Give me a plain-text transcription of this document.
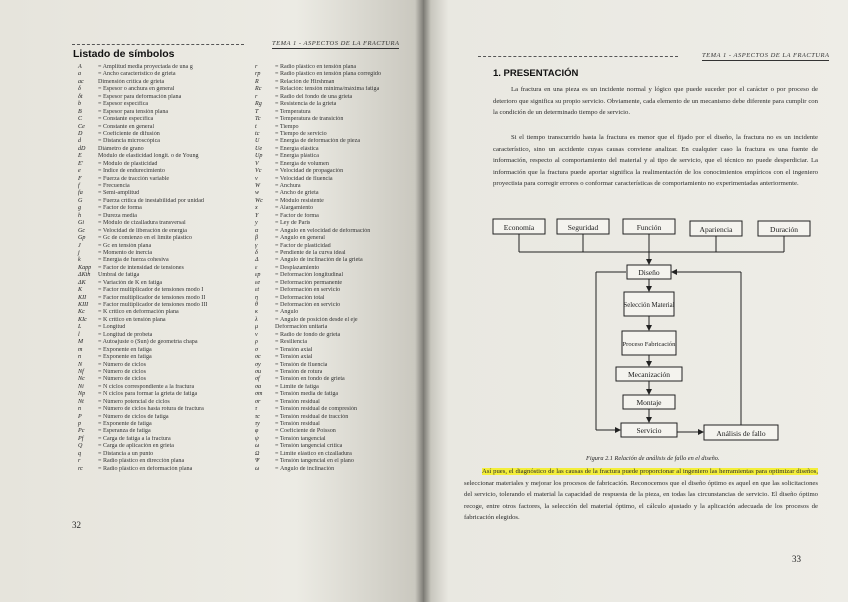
TEMA 1 - ASPECTOS DE LA FRACTURA
Listado de símbolos
A	= Amplitud media proyectada de una g
a	= Ancho característico de grieta
ac	Dimensión crítica de grieta
δ	= Espesor o anchura en general
δt	= Espesor para deformación plana
b	= Espesor específica
B	= Espesor para tensión plana
C	= Constante específica
Ce	= Constante en general
D	= Coeficiente de difusión
d	= Distancia microscópica
dD	Diámetro de grano
E	Módulo de elasticidad longit. o de Young
E'	= Módulo de plasticidad
e	= Índice de endurecimiento
F	= Fuerza de tracción variable
f	= Frecuencia
fa	= Semi-amplitud
G	= Fuerza crítica de inestabilidad por unidad
g	= Factor de forma
h	= Dureza media
Gi	= Módulo de cizalladura transversal
Gc	= Velocidad de liberación de energía
Gp	= Gc de comienzo en el límite plástico
J	= Gc en tensión plana
j	= Momento de inercia
k	= Energía de fuerza cohesiva
Kapp	= Factor de intensidad de tensiones
ΔKth	Umbral de fatiga
ΔK	= Variación de K en fatiga
K	= Factor multiplicador de tensiones modo I
KII	= Factor multiplicador de tensiones modo II
KIII	= Factor multiplicador de tensiones modo III
Kc	= K crítico en deformación plana
KIc	= K crítico en tensión plana
L	= Longitud
l	= Longitud de probeta
M	= Autoajuste o (Sun) de geometría chapa
m	= Exponente en fatiga
n	= Exponente en fatiga
N	= Número de ciclos
Nf	= Número de ciclos
Nc	= Número de ciclos
Ni	= N ciclos correspondiente a la fractura
Np	= N ciclos para formar la grieta de fatiga
Nt	= Número potencial de ciclos
n	= Número de ciclos hasta rotura de fractura
P	= Número de ciclos de fatiga
p	= Exponente de fatiga
Pc	= Esperanza de fatiga
Pf	= Carga de fatiga a la fractura
Q	= Carga de aplicación en grieta
q	= Distancia a un punto
r	= Radio plástico en dirección plana
rc	= Radio plástico en deformación plana
r	= Radio plástico en tensión plana
rp	= Radio plástico en tensión plana corregido
R	= Relación de Hirshman
Rc	= Relación: tensión mínima/máxima fatiga
r	= Radio del fondo de una grieta
Rg	= Resistencia de la grieta
T	= Temperatura
Tc	= Temperatura de transición
t	= Tiempo
tc	= Tiempo de servicio
U	= Energía de deformación de pieza
Ue	= Energía elástica
Up	= Energía plástica
V	= Energía de volumen
Vc	= Velocidad de propagación
v	= Velocidad de fluencia
W	= Anchura
w	= Ancho de grieta
Wc	= Módulo resistente
x	= Alargamiento
Y	= Factor de forma
y	= Ley de Paris
α	= Ángulo en velocidad de deformación
β	= Ángulo en general
γ	= Factor de plasticidad
δ	= Pendiente de la curva ideal
Δ	= Ángulo de inclinación de la grieta
ε	= Desplazamiento
εp	= Deformación longitudinal
εe	= Deformación permanente
εt	= Deformación en servicio
η	= Deformación total
θ	= Deformación en servicio
κ	= Ángulo
λ	= Ángulo de posición desde el eje
μ	Deformación unitaria
ν	= Radio de fondo de grieta
ρ	= Resiliencia
σ	= Tensión axial
σc	= Tensión axial
σy	= Tensión de fluencia
σu	= Tensión de rotura
σf	= Tensión en fondo de grieta
σa	= Límite de fatiga
σm	= Tensión media de fatiga
σr	= Tensión residual
τ	= Tensión residual de compresión
τc	= Tensión residual de tracción
τy	= Tensión residual
φ	= Coeficiente de Poisson
ψ	= Tensión tangencial
ω	= Tensión tangencial crítica
Ω	= Límite elástico en cizalladura
Ψ	= Tensión tangencial en el plano
ω	= Ángulo de inclinación
32
TEMA 1 - ASPECTOS DE LA FRACTURA
1. PRESENTACIÓN
La fractura en una pieza es un incidente normal y lógico que puede suceder por el carácter o por proceso de deterioro que significa su propio servicio. Obviamente, cada elemento de un mecanismo debe diferente para cumplir con la condición de un determinado tiempo de servicio.
Si el tiempo transcurrido hasta la fractura es menor que el fijado por el diseño, la fractura no es un incidente característico, sino un accidente cuyas causas conviene analizar. En cualquier caso la fractura es una fuente de información, respecto al comportamiento del material y al tipo de servicio, que el técnico no puede desperdiciar. La información que la fractura puede aportar significa la realimentación de los conocimientos empíricos con el ingeniero proyectista para corregir errores o conformar características de comportamiento no experimentadas anteriormente.
Economía	Seguridad	Función	Apariencia	Duración
Diseño
Selección Material
Proceso Fabricación
Mecanización
Montaje
Servicio	Análisis de fallo
Figura 2.1 Relación de análisis de fallo en el diseño.
Así pues, el diagnóstico de las causas de la fractura puede proporcionar al ingeniero las herramientas para optimizar diseños, seleccionar materiales y mejorar los procesos de fabricación. Reconocemos que el diseño óptimo es aquel en que las solicitaciones del servicio, tolerando el material la capacidad de respuesta de la pieza, en todas las circunstancias de servicio. El diseño óptimo recoge, entre otros factores, la selección del material óptimo, el cálculo ajustado y la aplicación adecuada de los procesos de fabricación elegidos.
33
